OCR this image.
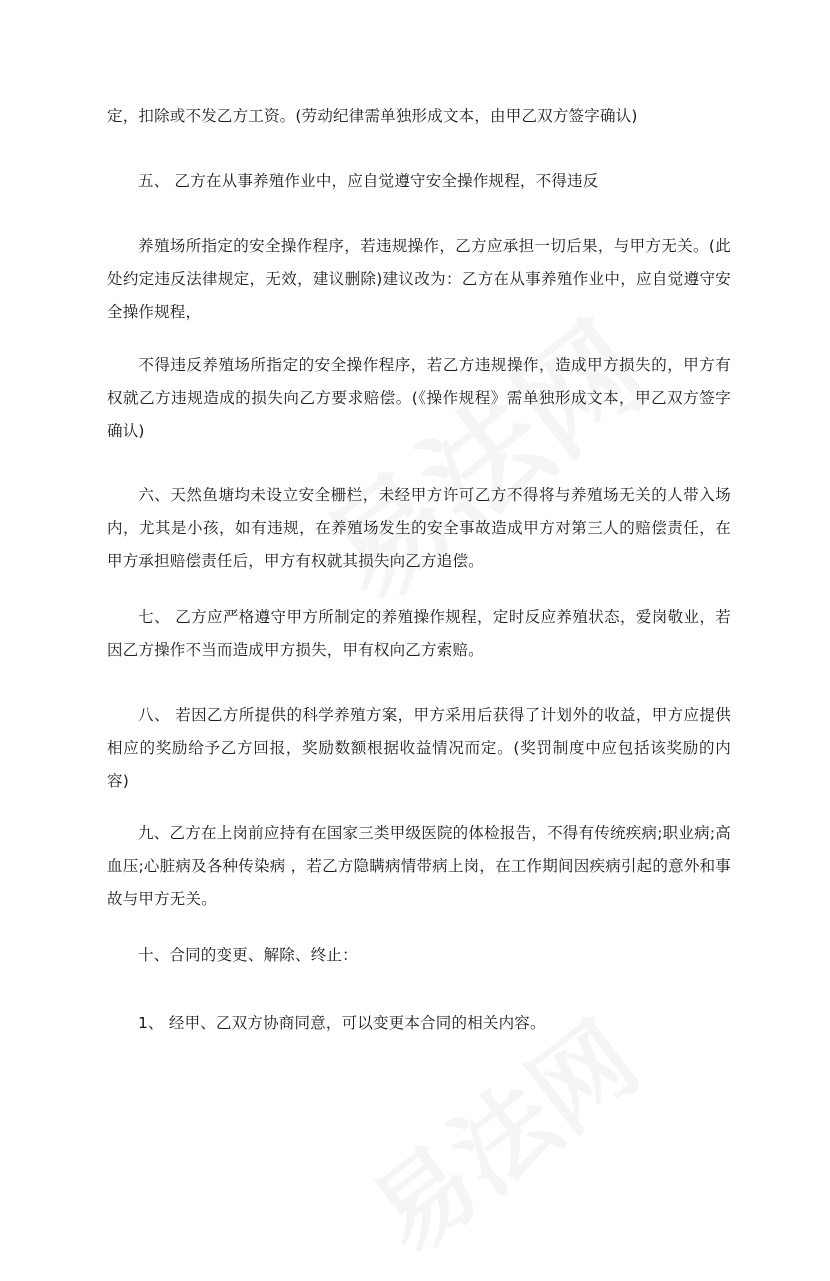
定，扣除或不发乙方工资。(劳动纪律需单独形成文本，由甲乙双方签字确认)

五、 乙方在从事养殖作业中，应自觉遵守安全操作规程，不得违反

养殖场所指定的安全操作程序，若违规操作，乙方应承担一切后果，与甲方无关。(此处约定违反法律规定，无效，建议删除)建议改为：乙方在从事养殖作业中，应自觉遵守安全操作规程，

不得违反养殖场所指定的安全操作程序，若乙方违规操作，造成甲方损失的，甲方有权就乙方违规造成的损失向乙方要求赔偿。(《操作规程》需单独形成文本，甲乙双方签字确认)

六、天然鱼塘均未设立安全栅栏，未经甲方许可乙方不得将与养殖场无关的人带入场内，尤其是小孩，如有违规，在养殖场发生的安全事故造成甲方对第三人的赔偿责任，在甲方承担赔偿责任后，甲方有权就其损失向乙方追偿。

七、 乙方应严格遵守甲方所制定的养殖操作规程，定时反应养殖状态，爱岗敬业，若因乙方操作不当而造成甲方损失，甲有权向乙方索赔。

八、 若因乙方所提供的科学养殖方案，甲方采用后获得了计划外的收益，甲方应提供相应的奖励给予乙方回报，奖励数额根据收益情况而定。(奖罚制度中应包括该奖励的内容)

九、乙方在上岗前应持有在国家三类甲级医院的体检报告，不得有传统疾病;职业病;高血压;心脏病及各种传染病 ，若乙方隐瞒病情带病上岗，在工作期间因疾病引起的意外和事故与甲方无关。

十、合同的变更、解除、终止：

1、 经甲、乙双方协商同意，可以变更本合同的相关内容。
